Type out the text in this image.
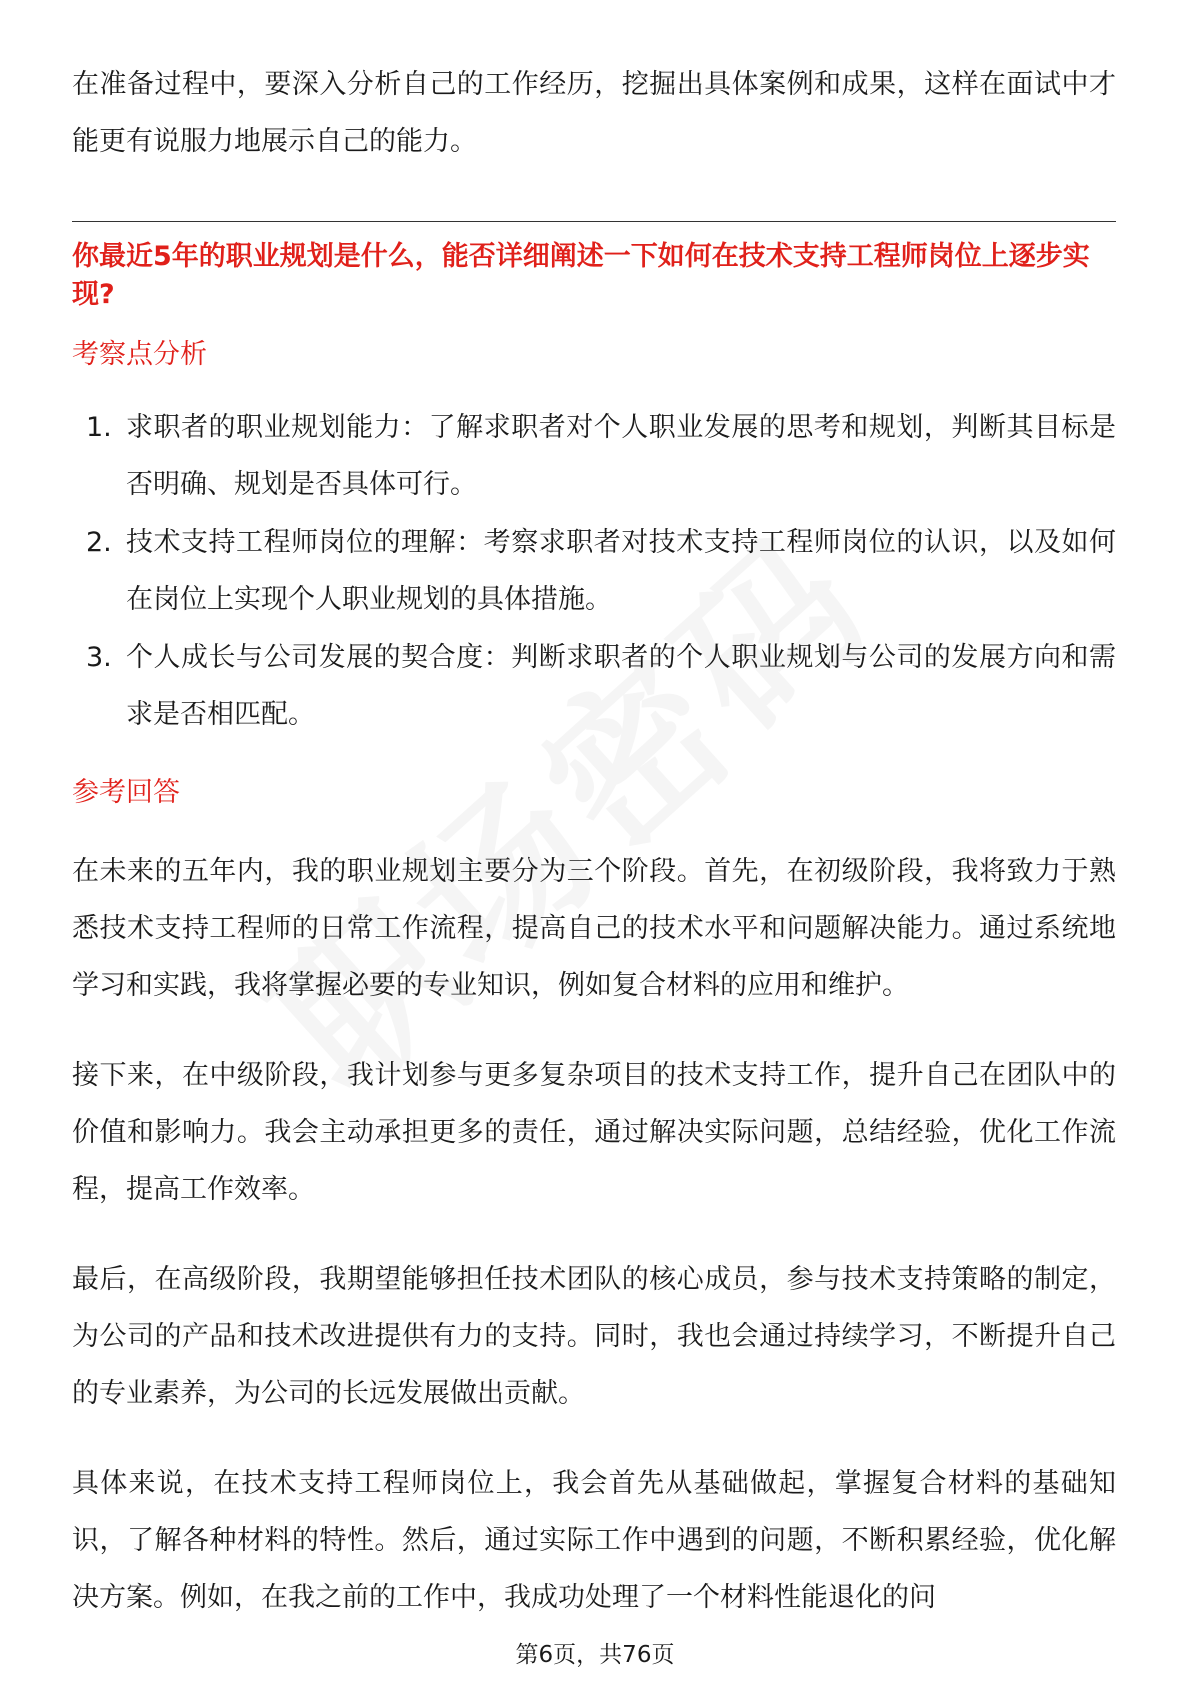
在准备过程中，要深入分析自己的工作经历，挖掘出具体案例和成果，这样在面试中才能更有说服力地展示自己的能力。

你最近5年的职业规划是什么，能否详细阐述一下如何在技术支持工程师岗位上逐步实现?

考察点分析

1. 求职者的职业规划能力：了解求职者对个人职业发展的思考和规划，判断其目标是否明确、规划是否具体可行。
2. 技术支持工程师岗位的理解：考察求职者对技术支持工程师岗位的认识，以及如何在岗位上实现个人职业规划的具体措施。
3. 个人成长与公司发展的契合度：判断求职者的个人职业规划与公司的发展方向和需求是否相匹配。

参考回答

在未来的五年内，我的职业规划主要分为三个阶段。首先，在初级阶段，我将致力于熟悉技术支持工程师的日常工作流程，提高自己的技术水平和问题解决能力。通过系统地学习和实践，我将掌握必要的专业知识，例如复合材料的应用和维护。

接下来，在中级阶段，我计划参与更多复杂项目的技术支持工作，提升自己在团队中的价值和影响力。我会主动承担更多的责任，通过解决实际问题，总结经验，优化工作流程，提高工作效率。

最后，在高级阶段，我期望能够担任技术团队的核心成员，参与技术支持策略的制定，为公司的产品和技术改进提供有力的支持。同时，我也会通过持续学习，不断提升自己的专业素养，为公司的长远发展做出贡献。

具体来说，在技术支持工程师岗位上，我会首先从基础做起，掌握复合材料的基础知识，了解各种材料的特性。然后，通过实际工作中遇到的问题，不断积累经验，优化解决方案。例如，在我之前的工作中，我成功处理了一个材料性能退化的问

第6页，共76页
